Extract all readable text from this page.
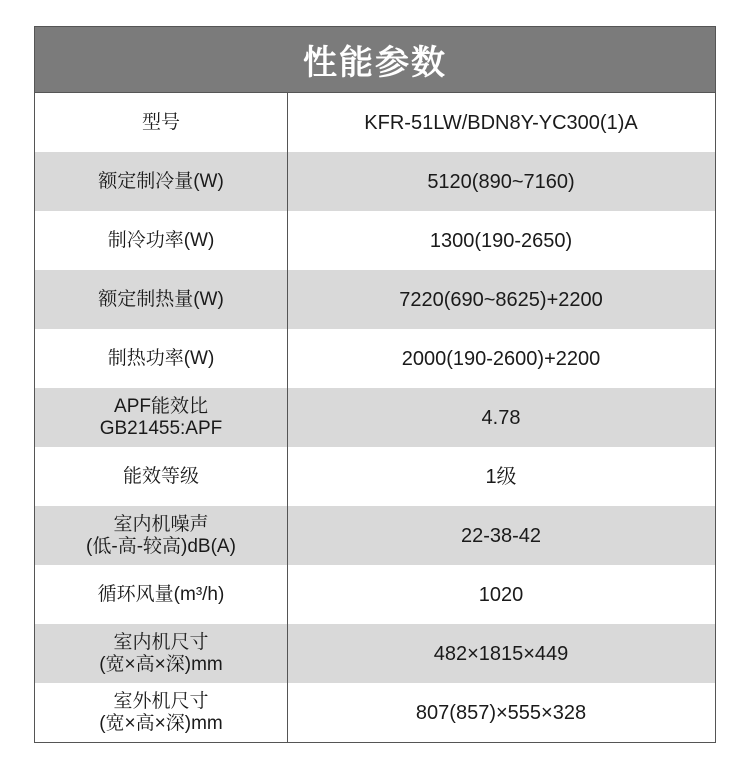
性能参数
型号	KFR-51LW/BDN8Y-YC300(1)A
额定制冷量(W)	5120(890~7160)
制冷功率(W)	1300(190-2650)
额定制热量(W)	7220(690~8625)+2200
制热功率(W)	2000(190-2600)+2200
APF能效比
GB21455:APF	4.78
能效等级	1级
室内机噪声
(低-高-较高)dB(A)	22-38-42
循环风量(m³/h)	1020
室内机尺寸
(宽×高×深)mm	482×1815×449
室外机尺寸
(宽×高×深)mm	807(857)×555×328
